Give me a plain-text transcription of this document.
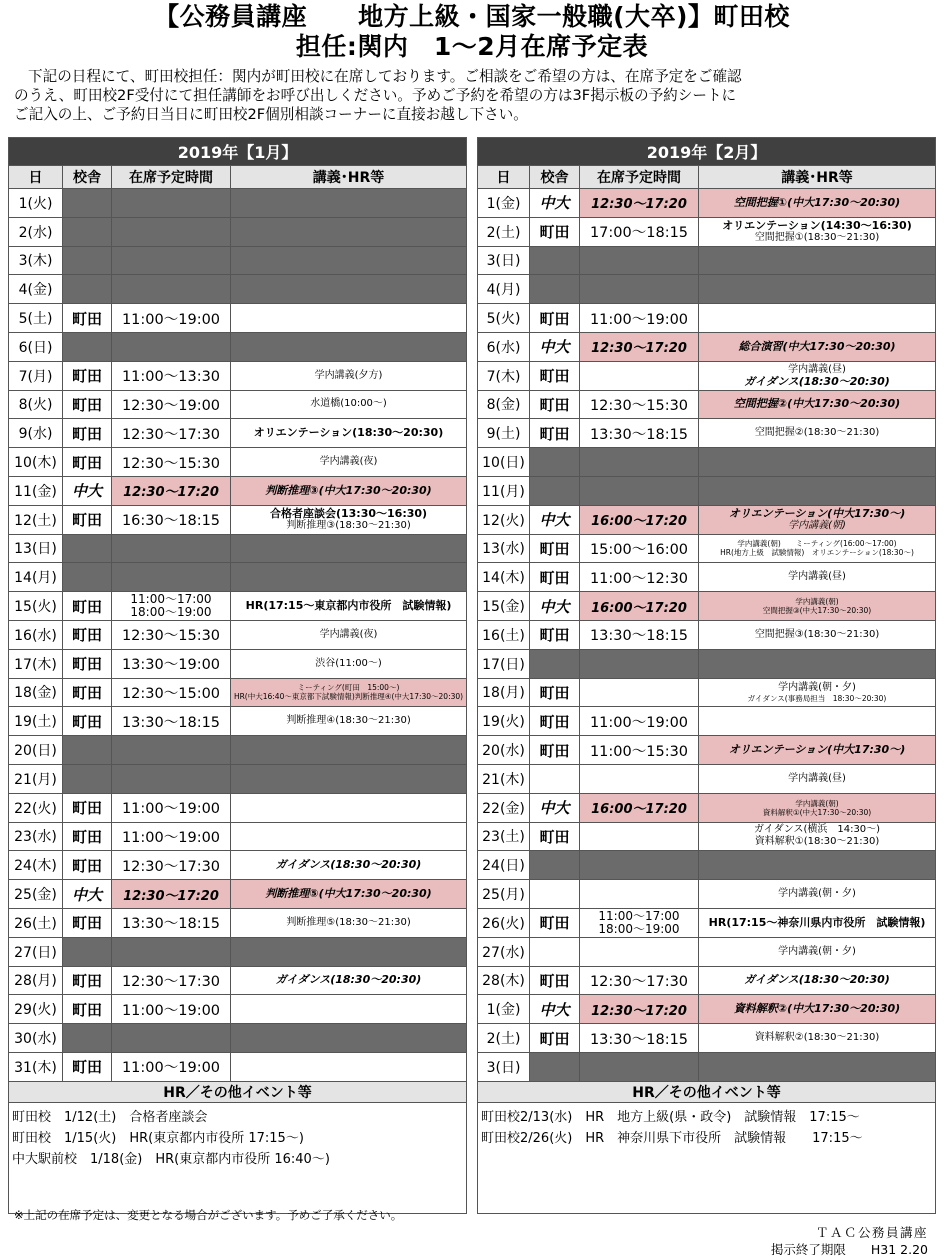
【公務員講座　　地方上級・国家一般職(大卒)】町田校
担任:関内　1～2月在席予定表
下記の日程にて、町田校担任：関内が町田校に在席しております。ご相談をご希望の方は、在席予定をご確認
のうえ、町田校2F受付にて担任講師をお呼び出しください。予めご予約を希望の方は3F掲示板の予約シートに
ご記入の上、ご予約日当日に町田校2F個別相談コーナーに直接お越し下さい。
2019年【1月】			
日	校舎	在席予定時間	講義･HR等
1(火)			
2(水)			
3(木)			
4(金)			
5(土)	町田	11:00～19:00	
6(日)			
7(月)	町田	11:00～13:30	学内講義(夕方)

8(火)	町田	12:30～19:00	水道橋(10:00～)

9(水)	町田	12:30～17:30	オリエンテーション(18:30～20:30)

10(木)	町田	12:30～15:30	学内講義(夜)

11(金)	中大	12:30～17:20	判断推理③(中大17:30～20:30)

12(土)	町田	16:30～18:15	合格者座談会(13:30～16:30)
判断推理③(18:30～21:30)

13(日)			
14(月)			
15(火)	町田	11:00～17:00
18:00～19:00	HR(17:15～東京都内市役所　試験情報)

16(水)	町田	12:30～15:30	学内講義(夜)

17(木)	町田	13:30～19:00	渋谷(11:00～)

18(金)	町田	12:30～15:00	ミーティング(町田　15:00～)
HR(中大16:40～東京都下試験情報)判断推理④(中大17:30～20:30)

19(土)	町田	13:30～18:15	判断推理④(18:30～21:30)

20(日)			
21(月)			
22(火)	町田	11:00～19:00	
23(水)	町田	11:00～19:00	
24(木)	町田	12:30～17:30	ガイダンス(18:30～20:30)

25(金)	中大	12:30～17:20	判断推理⑤(中大17:30～20:30)

26(土)	町田	13:30～18:15	判断推理⑤(18:30～21:30)

27(日)			
28(月)	町田	12:30～17:30	ガイダンス(18:30～20:30)

29(火)	町田	11:00～19:00	
30(水)			
31(木)	町田	11:00～19:00	
HR／その他イベント等			

町田校　1/12(土)　合格者座談会
町田校　1/15(火)　HR(東京都内市役所 17:15～)
中大駅前校　1/18(金)　HR(東京都内市役所 16:40～)			
2019年【2月】			
日	校舎	在席予定時間	講義･HR等
1(金)	中大	12:30～17:20	空間把握①(中大17:30～20:30)

2(土)	町田	17:00～18:15	オリエンテーション(14:30～16:30)
空間把握①(18:30～21:30)

3(日)			
4(月)			
5(火)	町田	11:00～19:00	
6(水)	中大	12:30～17:20	総合演習(中大17:30～20:30)

7(木)	町田		学内講義(昼)
ガイダンス(18:30～20:30)

8(金)	町田	12:30～15:30	空間把握②(中大17:30～20:30)

9(土)	町田	13:30～18:15	空間把握②(18:30～21:30)

10(日)			
11(月)			
12(火)	中大	16:00～17:20	オリエンテーション(中大17:30～)
学内講義(朝)

13(水)	町田	15:00～16:00	学内講義(朝)　　ミーティング(16:00～17:00)
HR(地方上級　試験情報)　オリエンテーション(18:30～)

14(木)	町田	11:00～12:30	学内講義(昼)

15(金)	中大	16:00～17:20	学内講義(朝)
空間把握③(中大17:30～20:30)

16(土)	町田	13:30～18:15	空間把握③(18:30～21:30)

17(日)			
18(月)	町田		学内講義(朝・夕)
ガイダンス(事務局担当　18:30～20:30)

19(火)	町田	11:00～19:00	
20(水)	町田	11:00～15:30	オリエンテーション(中大17:30～)

21(木)			学内講義(昼)

22(金)	中大	16:00～17:20	学内講義(朝)
資料解釈①(中大17:30～20:30)

23(土)	町田		ガイダンス(横浜　14:30～)
資料解釈①(18:30～21:30)

24(日)			
25(月)			学内講義(朝・夕)

26(火)	町田	11:00～17:00
18:00～19:00	HR(17:15～神奈川県内市役所　試験情報)

27(水)			学内講義(朝・夕)

28(木)	町田	12:30～17:30	ガイダンス(18:30～20:30)

1(金)	中大	12:30～17:20	資料解釈②(中大17:30～20:30)

2(土)	町田	13:30～18:15	資料解釈②(18:30～21:30)

3(日)			
HR／その他イベント等			

町田校2/13(水)　HR　地方上級(県・政令)　試験情報　17:15～
町田校2/26(火)　HR　神奈川県下市役所　試験情報　　17:15～			
※上記の在席予定は、変更となる場合がございます。予めご了承ください。
ＴＡＣ公務員講座
掲示終了期限　　H31 2.20
